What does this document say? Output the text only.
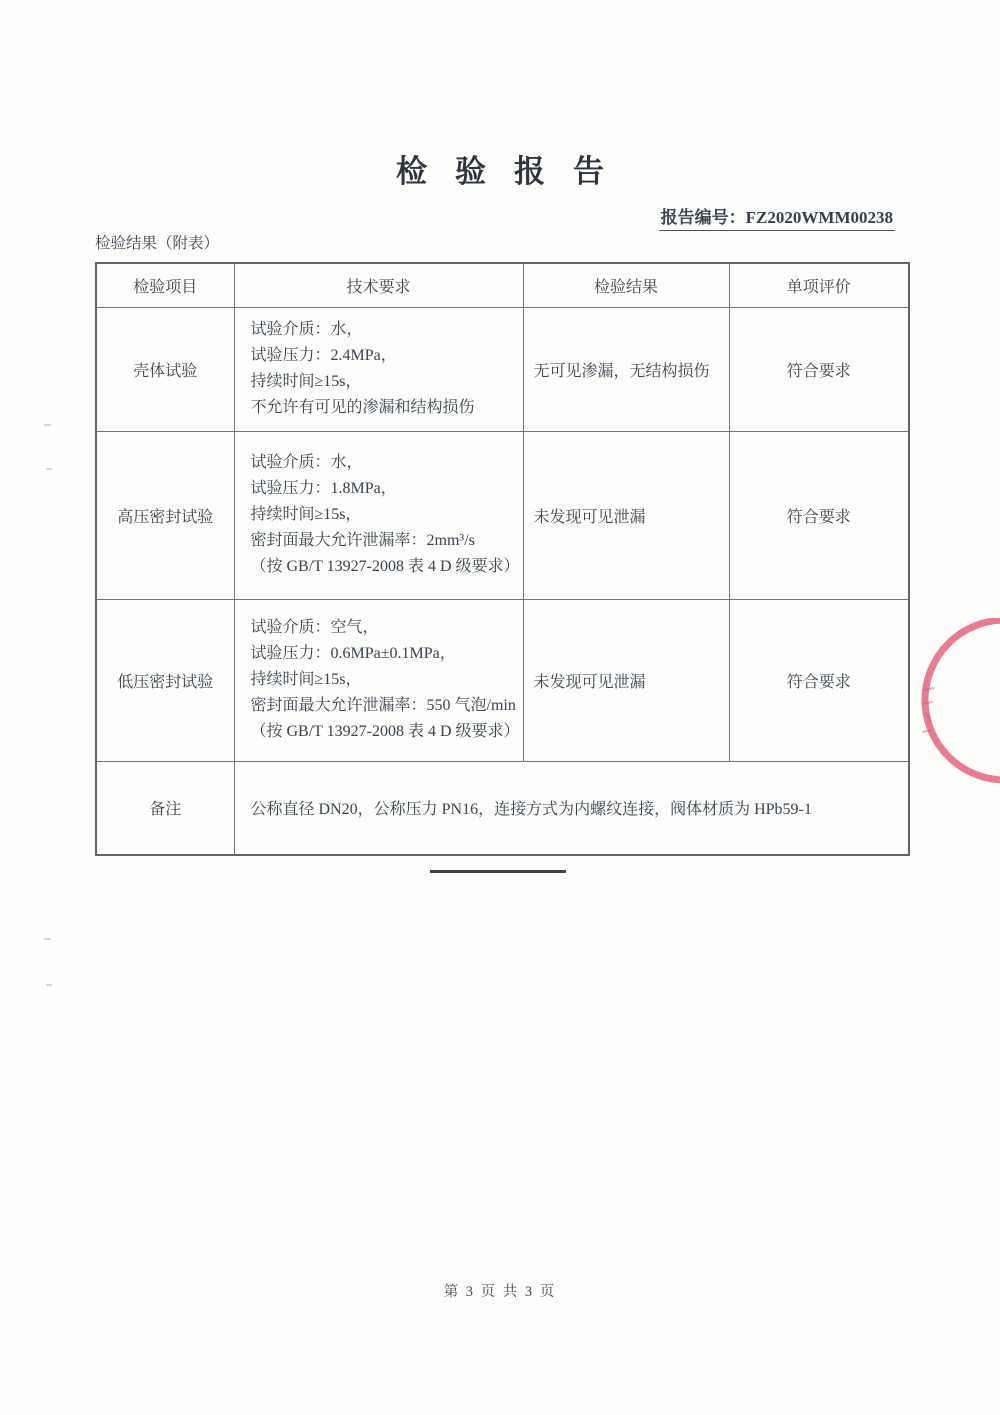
检验报告
报告编号：FZ2020WMM00238
检验结果（附表）
检验项目	技术要求	检验结果	单项评价
壳体试验	试验介质：水，
试验压力：2.4MPa，
持续时间≥15s，
不允许有可见的渗漏和结构损伤	无可见渗漏，无结构损伤	符合要求
高压密封试验	试验介质：水，
试验压力：1.8MPa，
持续时间≥15s，
密封面最大允许泄漏率：2mm³/s
（按 GB/T 13927-2008 表 4 D 级要求）	未发现可见泄漏	符合要求
低压密封试验	试验介质：空气，
试验压力：0.6MPa±0.1MPa，
持续时间≥15s，
密封面最大允许泄漏率：550 气泡/min
（按 GB/T 13927-2008 表 4 D 级要求）	未发现可见泄漏	符合要求
备注	公称直径 DN20，公称压力 PN16，连接方式为内螺纹连接，阀体材质为 HPb59-1		
第 3 页 共 3 页
